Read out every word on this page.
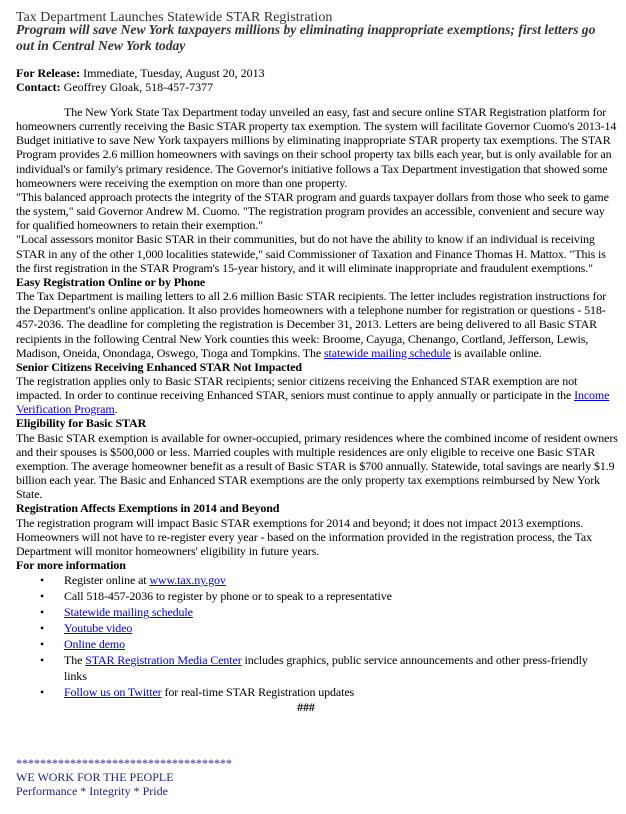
Tax Department Launches Statewide STAR Registration
Program will save New York taxpayers millions by eliminating inappropriate exemptions; first letters go out in Central New York today
For Release: Immediate, Tuesday, August 20, 2013
Contact: Geoffrey Gloak, 518-457-7377

The New York State Tax Department today unveiled an easy, fast and secure online STAR Registration platform for homeowners currently receiving the Basic STAR property tax exemption. The system will facilitate Governor Cuomo's 2013-14 Budget initiative to save New York taxpayers millions by eliminating inappropriate STAR property tax exemptions. The STAR Program provides 2.6 million homeowners with savings on their school property tax bills each year, but is only available for an individual's or family's primary residence. The Governor's initiative follows a Tax Department investigation that showed some homeowners were receiving the exemption on more than one property.

"This balanced approach protects the integrity of the STAR program and guards taxpayer dollars from those who seek to game the system," said Governor Andrew M. Cuomo. "The registration program provides an accessible, convenient and secure way for qualified homeowners to retain their exemption."

"Local assessors monitor Basic STAR in their communities, but do not have the ability to know if an individual is receiving STAR in any of the other 1,000 localities statewide," said Commissioner of Taxation and Finance Thomas H. Mattox. "This is the first registration in the STAR Program's 15-year history, and it will eliminate inappropriate and fraudulent exemptions."

Easy Registration Online or by Phone

The Tax Department is mailing letters to all 2.6 million Basic STAR recipients. The letter includes registration instructions for the Department's online application. It also provides homeowners with a telephone number for registration or questions - 518-457-2036. The deadline for completing the registration is December 31, 2013. Letters are being delivered to all Basic STAR recipients in the following Central New York counties this week: Broome, Cayuga, Chenango, Cortland, Jefferson, Lewis, Madison, Oneida, Onondaga, Oswego, Tioga and Tompkins. The statewide mailing schedule is available online.

Senior Citizens Receiving Enhanced STAR Not Impacted

The registration applies only to Basic STAR recipients; senior citizens receiving the Enhanced STAR exemption are not impacted. In order to continue receiving Enhanced STAR, seniors must continue to apply annually or participate in the Income Verification Program.

Eligibility for Basic STAR

The Basic STAR exemption is available for owner-occupied, primary residences where the combined income of resident owners and their spouses is $500,000 or less. Married couples with multiple residences are only eligible to receive one Basic STAR exemption. The average homeowner benefit as a result of Basic STAR is $700 annually. Statewide, total savings are nearly $1.9 billion each year. The Basic and Enhanced STAR exemptions are the only property tax exemptions reimbursed by New York State.

Registration Affects Exemptions in 2014 and Beyond

The registration program will impact Basic STAR exemptions for 2014 and beyond; it does not impact 2013 exemptions. Homeowners will not have to re-register every year - based on the information provided in the registration process, the Tax Department will monitor homeowners' eligibility in future years.

For more information

• Register online at www.tax.ny.gov
• Call 518-457-2036 to register by phone or to speak to a representative
• Statewide mailing schedule
• Youtube video
• Online demo
• The STAR Registration Media Center includes graphics, public service announcements and other press-friendly links
• Follow us on Twitter for real-time STAR Registration updates
###
************************************
WE WORK FOR THE PEOPLE
Performance * Integrity * Pride
